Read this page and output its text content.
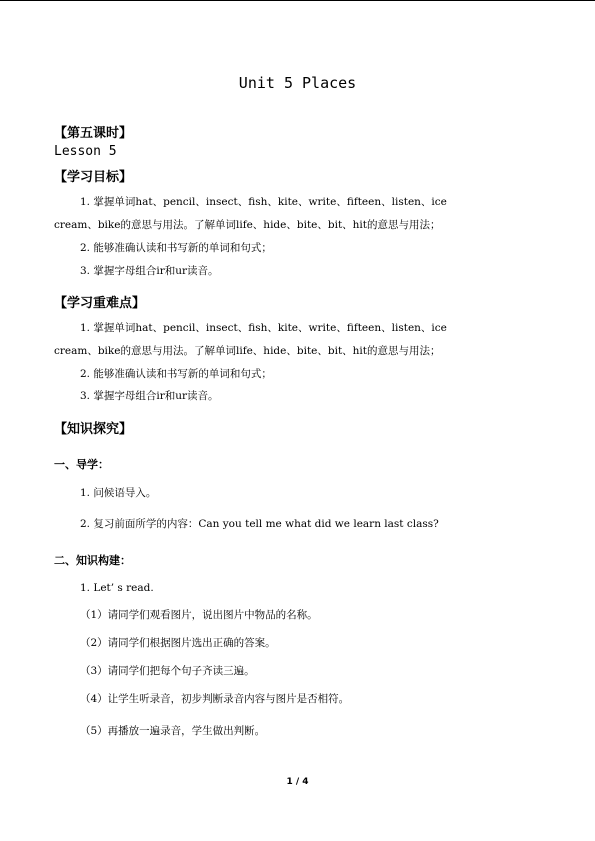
Unit 5 Places
【第五课时】
Lesson 5
【学习目标】
1. 掌握单词hat、pencil、insect、fish、kite、write、fifteen、listen、ice
cream、bike的意思与用法。了解单词life、hide、bite、bit、hit的意思与用法；
2. 能够准确认读和书写新的单词和句式；
3. 掌握字母组合ir和ur读音。
【学习重难点】
1. 掌握单词hat、pencil、insect、fish、kite、write、fifteen、listen、ice
cream、bike的意思与用法。了解单词life、hide、bite、bit、hit的意思与用法；
2. 能够准确认读和书写新的单词和句式；
3. 掌握字母组合ir和ur读音。
【知识探究】
一、导学：
1. 问候语导入。
2. 复习前面所学的内容：Can you tell me what did we learn last class?
二、知识构建：
1. Let’ s read.
（1）请同学们观看图片，说出图片中物品的名称。
（2）请同学们根据图片选出正确的答案。
（3）请同学们把每个句子齐读三遍。
（4）让学生听录音，初步判断录音内容与图片是否相符。
（5）再播放一遍录音，学生做出判断。
1 / 4
